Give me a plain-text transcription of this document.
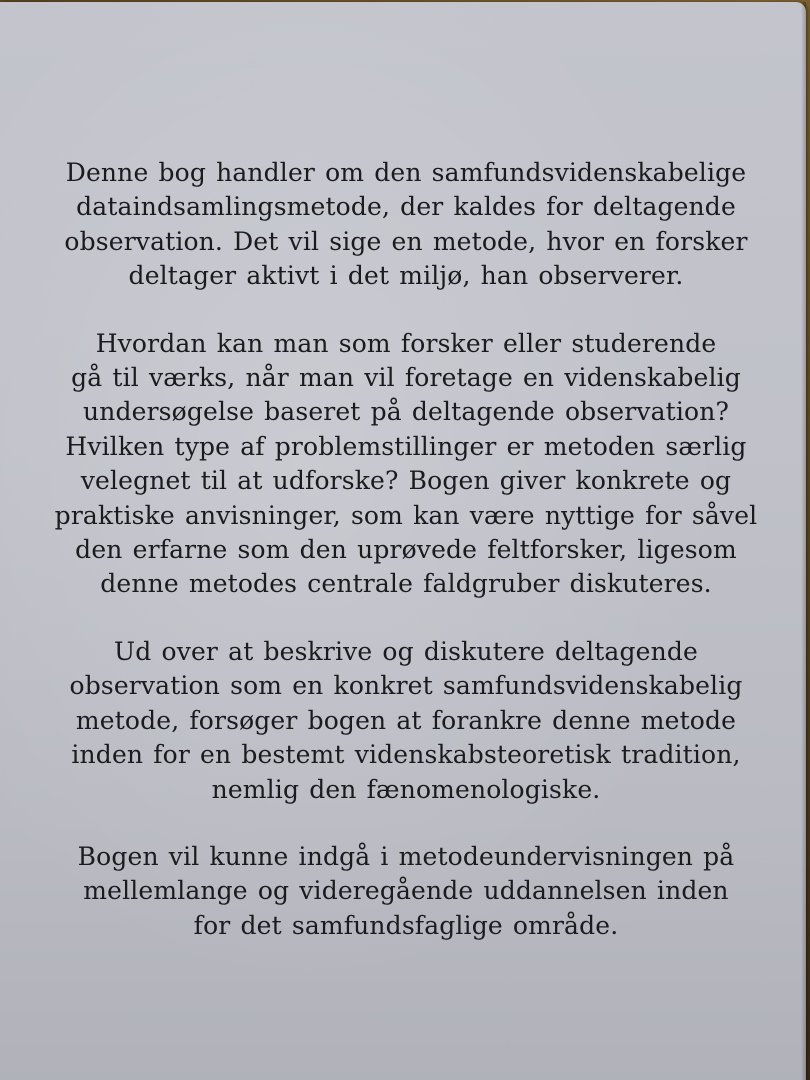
Denne bog handler om den samfundsvidenskabelige
dataindsamlingsmetode, der kaldes for deltagende
observation. Det vil sige en metode, hvor en forsker
deltager aktivt i det miljø, han observerer.

Hvordan kan man som forsker eller studerende
gå til værks, når man vil foretage en videnskabelig
undersøgelse baseret på deltagende observation?
Hvilken type af problemstillinger er metoden særlig
velegnet til at udforske? Bogen giver konkrete og
praktiske anvisninger, som kan være nyttige for såvel
den erfarne som den uprøvede feltforsker, ligesom
denne metodes centrale faldgruber diskuteres.

Ud over at beskrive og diskutere deltagende
observation som en konkret samfundsvidenskabelig
metode, forsøger bogen at forankre denne metode
inden for en bestemt videnskabsteoretisk tradition,
nemlig den fænomenologiske.

Bogen vil kunne indgå i metodeundervisningen på
mellemlange og videregående uddannelsen inden
for det samfundsfaglige område.
